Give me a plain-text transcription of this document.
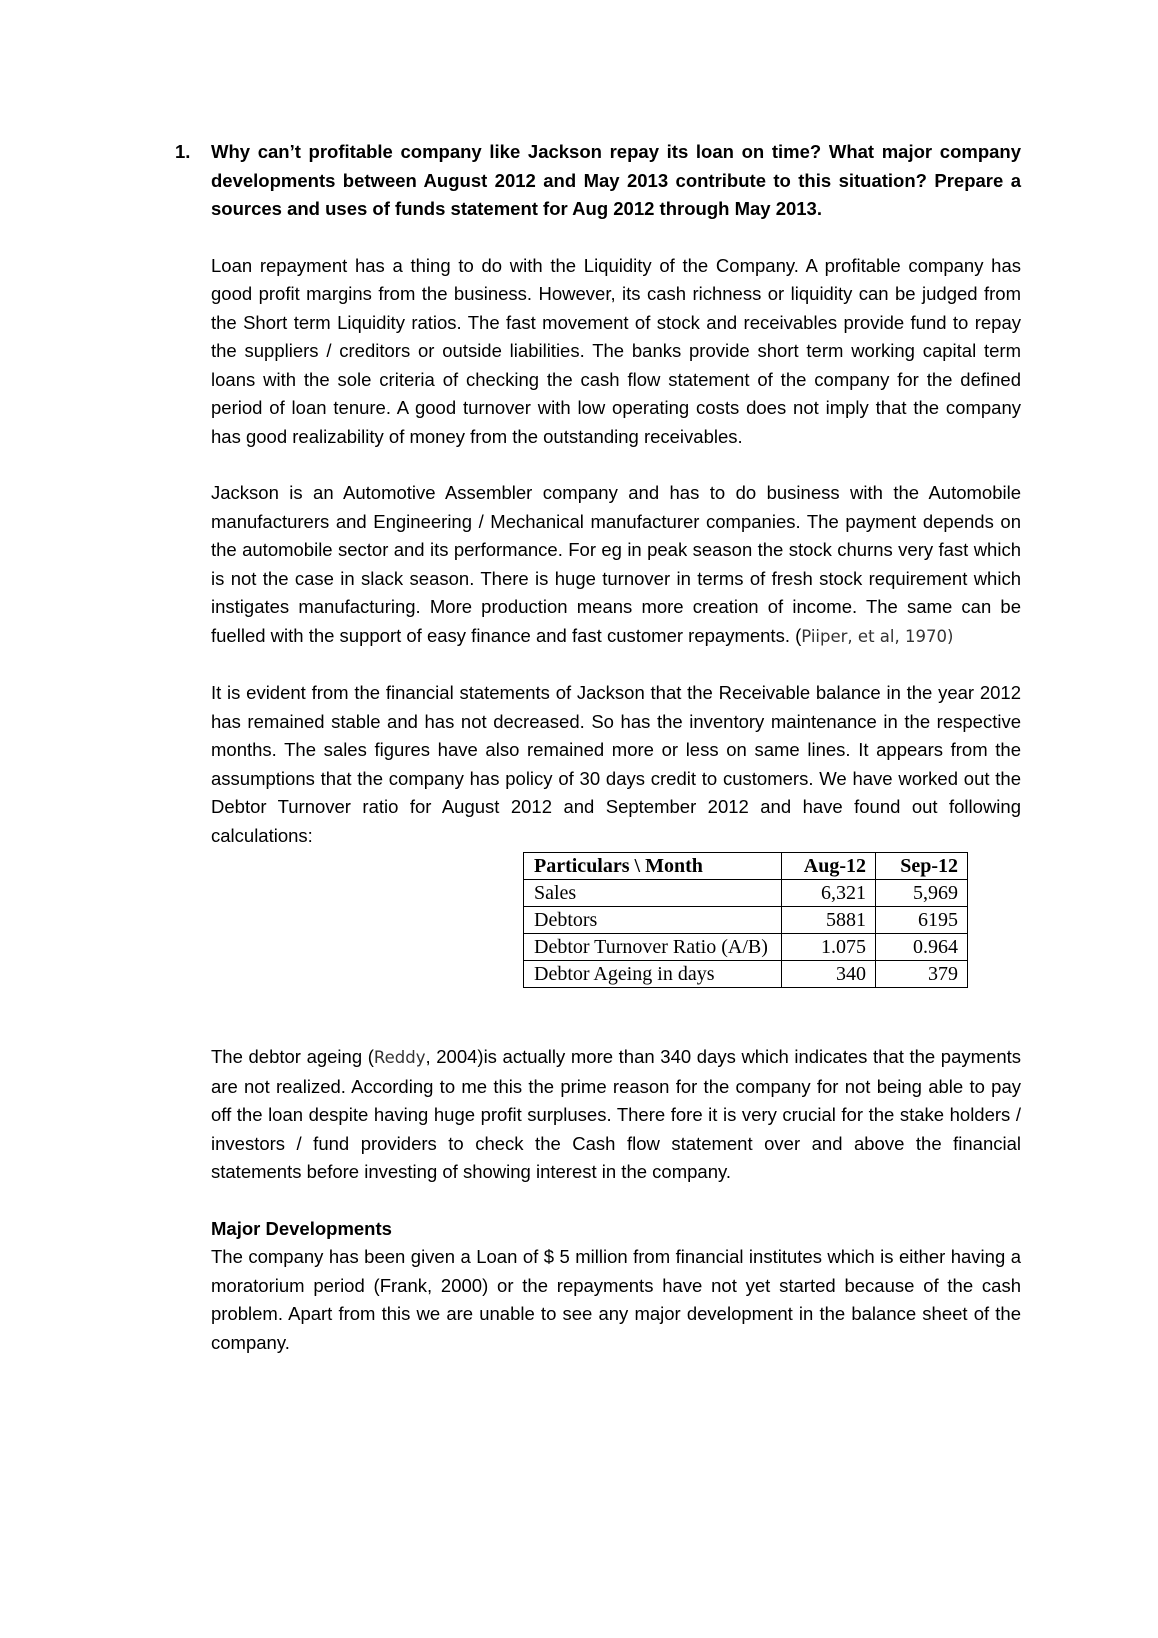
1. Why can’t profitable company like Jackson repay its loan on time? What major company developments between August 2012 and May 2013 contribute to this situation? Prepare a sources and uses of funds statement for Aug 2012 through May 2013.

Loan repayment has a thing to do with the Liquidity of the Company. A profitable company has good profit margins from the business. However, its cash richness or liquidity can be judged from the Short term Liquidity ratios. The fast movement of stock and receivables provide fund to repay the suppliers / creditors or outside liabilities. The banks provide short term working capital term loans with the sole criteria of checking the cash flow statement of the company for the defined period of loan tenure. A good turnover with low operating costs does not imply that the company has good realizability of money from the outstanding receivables.

Jackson is an Automotive Assembler company and has to do business with the Automobile manufacturers and Engineering / Mechanical manufacturer companies. The payment depends on the automobile sector and its performance. For eg in peak season the stock churns very fast which is not the case in slack season. There is huge turnover in terms of fresh stock requirement which instigates manufacturing. More production means more creation of income. The same can be fuelled with the support of easy finance and fast customer repayments. (Piiper, et al, 1970)

It is evident from the financial statements of Jackson that the Receivable balance in the year 2012 has remained stable and has not decreased. So has the inventory maintenance in the respective months. The sales figures have also remained more or less on same lines. It appears from the assumptions that the company has policy of 30 days credit to customers. We have worked out the Debtor Turnover ratio for August 2012 and September 2012 and have found out following calculations:

Particulars \ Month	Aug-12	Sep-12
Sales	6,321	5,969
Debtors	5881	6195
Debtor Turnover Ratio (A/B)	1.075	0.964
Debtor Ageing in days	340	379

The debtor ageing (Reddy, 2004)is actually more than 340 days which indicates that the payments are not realized. According to me this the prime reason for the company for not being able to pay off the loan despite having huge profit surpluses. There fore it is very crucial for the stake holders / investors / fund providers to check the Cash flow statement over and above the financial statements before investing of showing interest in the company.

Major Developments

The company has been given a Loan of $ 5 million from financial institutes which is either having a moratorium period (Frank, 2000) or the repayments have not yet started because of the cash problem. Apart from this we are unable to see any major development in the balance sheet of the company.
